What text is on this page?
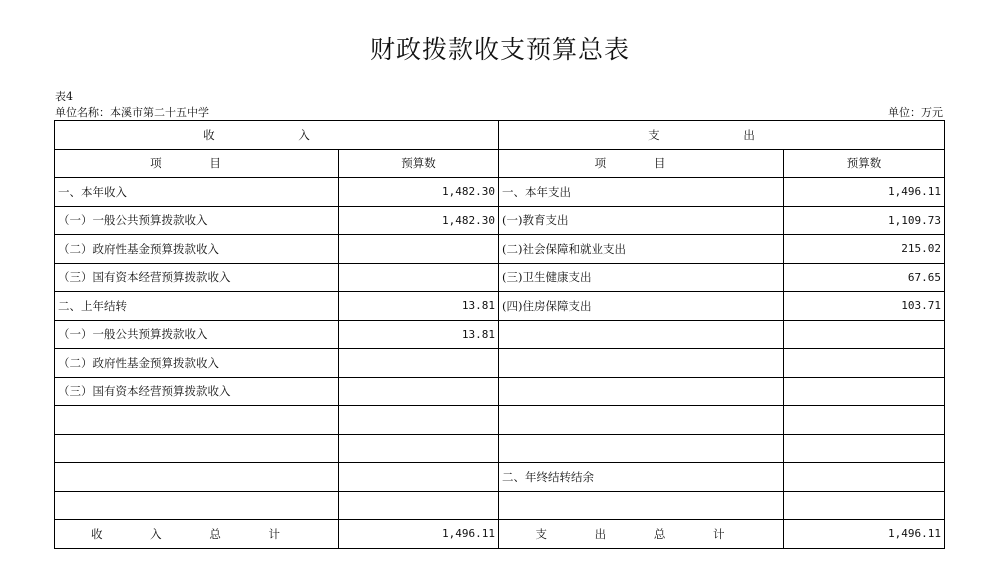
财政拨款收支预算总表
表4
单位名称：本溪市第二十五中学	单位：万元
收 入		支 出	
项 目	预算数	项 目	预算数
一、本年收入	1,482.30	一、本年支出	1,496.11
（一）一般公共预算拨款收入	1,482.30	(一)教育支出	1,109.73
（二）政府性基金预算拨款收入		(二)社会保障和就业支出	215.02
（三）国有资本经营预算拨款收入		(三)卫生健康支出	67.65
二、上年结转	13.81	(四)住房保障支出	103.71
（一）一般公共预算拨款收入	13.81		
（二）政府性基金预算拨款收入			
（三）国有资本经营预算拨款收入			

		二、年终结转结余	

收 入 总 计	1,496.11	支 出 总 计	1,496.11
